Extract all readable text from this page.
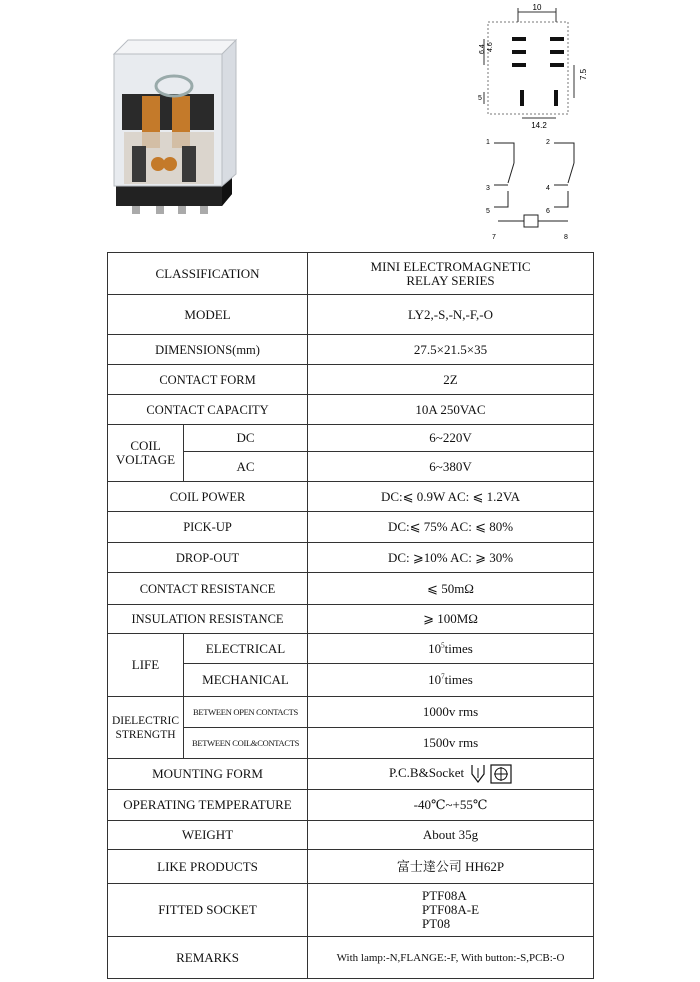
10
6.4 4.6
5
7.5
14.2
1	2
3	4
5	6
7	8
CLASSIFICATION		MINI ELECTROMAGNETIC
RELAY SERIES
MODEL		LY2,-S,-N,-F,-O
DIMENSIONS(mm)		27.5×21.5×35
CONTACT FORM		2Z
CONTACT CAPACITY		10A 250VAC
COIL
VOLTAGE	DC	6~220V
	AC	6~380V
COIL POWER		DC:⩽ 0.9W AC: ⩽ 1.2VA
PICK-UP		DC:⩽ 75% AC: ⩽ 80%
DROP-OUT		DC: ⩾10% AC: ⩾ 30%
CONTACT RESISTANCE		⩽ 50mΩ
INSULATION RESISTANCE		⩾ 100MΩ
LIFE	ELECTRICAL	$10^5times$
	MECHANICAL	$10^7times$
DIELECTRIC
STRENGTH	BETWEEN OPEN CONTACTS	1000v rms
	BETWEEN COIL&CONTACTS	1500v rms
MOUNTING FORM		P.C.B&Socket
OPERATING TEMPERATURE		-40℃~+55℃
WEIGHT		About 35g
LIKE PRODUCTS		富士達公司 HH62P
FITTED SOCKET		PTF08A
PTF08A-E
PT08
REMARKS		With lamp:-N,FLANGE:-F, With button:-S,PCB:-O
